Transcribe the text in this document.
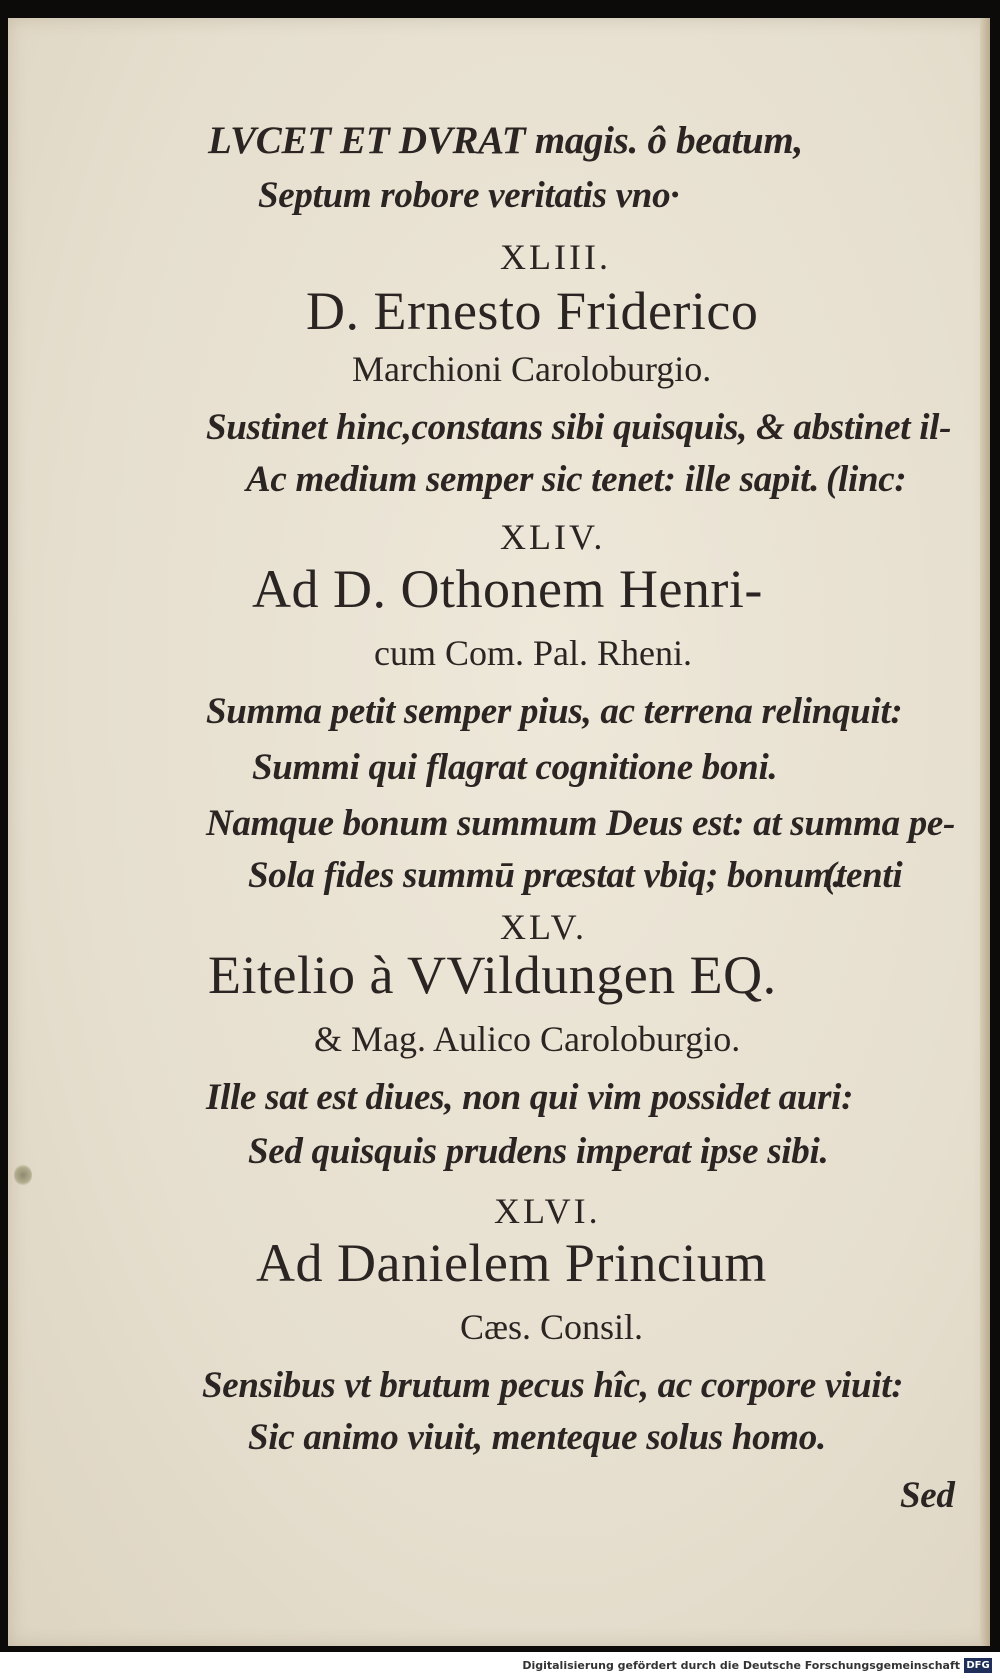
LVCET ET DVRAT magis. ô beatum,
Septum robore veritatis vno·
XLIII.
D. Ernesto Friderico
Marchioni Caroloburgio.
Sustinet hinc,constans sibi quisquis, & abstinet il-
Ac medium semper sic tenet: ille sapit. (linc:
XLIV.
Ad D. Othonem Henri-
cum Com. Pal. Rheni.
Summa petit semper pius, ac terrena relinquit:
Summi qui flagrat cognitione boni.
Namque bonum summum Deus est: at summa pe-
Sola fides summū præstat vbiq; bonum.
(tenti
XLV.
Eitelio à VVildungen EQ.
& Mag. Aulico Caroloburgio.
Ille sat est diues, non qui vim possidet auri:
Sed quisquis prudens imperat ipse sibi.
XLVI.
Ad Danielem Princium
Cæs. Consil.
Sensibus vt brutum pecus hîc, ac corpore viuit:
Sic animo viuit, menteque solus homo.
Sed
Digitalisierung gefördert durch die Deutsche Forschungsgemeinschaft DFG
